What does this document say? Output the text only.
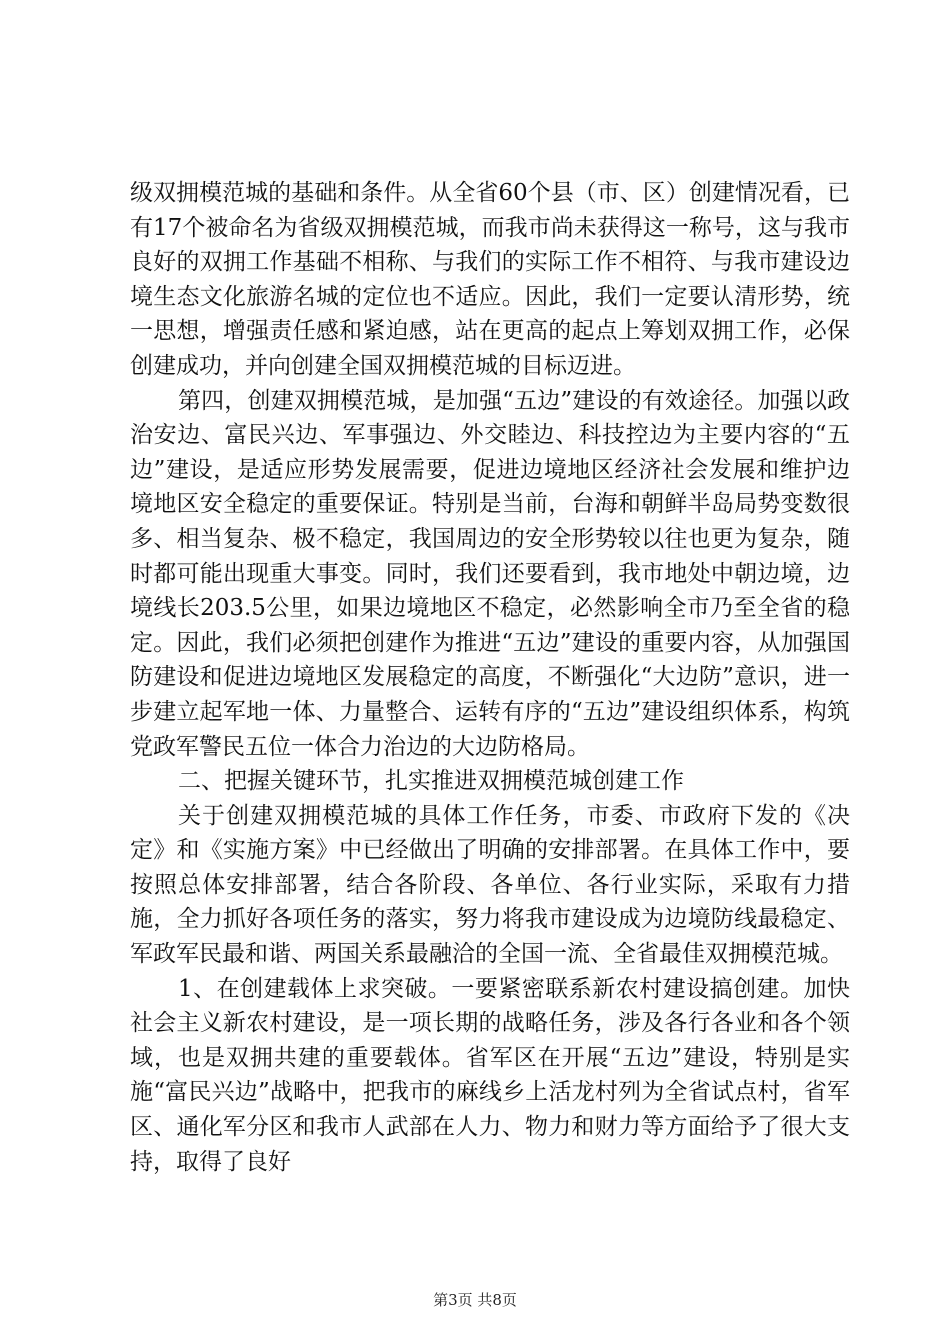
级双拥模范城的基础和条件。从全省60个县（市、区）创建情况看，已有17个被命名为省级双拥模范城，而我市尚未获得这一称号，这与我市良好的双拥工作基础不相称、与我们的实际工作不相符、与我市建设边境生态文化旅游名城的定位也不适应。因此，我们一定要认清形势，统一思想，增强责任感和紧迫感，站在更高的起点上筹划双拥工作，必保创建成功，并向创建全国双拥模范城的目标迈进。

第四，创建双拥模范城，是加强“五边”建设的有效途径。加强以政治安边、富民兴边、军事强边、外交睦边、科技控边为主要内容的“五边”建设，是适应形势发展需要，促进边境地区经济社会发展和维护边境地区安全稳定的重要保证。特别是当前，台海和朝鲜半岛局势变数很多、相当复杂、极不稳定，我国周边的安全形势较以往也更为复杂，随时都可能出现重大事变。同时，我们还要看到，我市地处中朝边境，边境线长203.5公里，如果边境地区不稳定，必然影响全市乃至全省的稳定。因此，我们必须把创建作为推进“五边”建设的重要内容，从加强国防建设和促进边境地区发展稳定的高度，不断强化“大边防”意识，进一步建立起军地一体、力量整合、运转有序的“五边”建设组织体系，构筑党政军警民五位一体合力治边的大边防格局。

二、把握关键环节，扎实推进双拥模范城创建工作

关于创建双拥模范城的具体工作任务，市委、市政府下发的《决定》和《实施方案》中已经做出了明确的安排部署。在具体工作中，要按照总体安排部署，结合各阶段、各单位、各行业实际，采取有力措施，全力抓好各项任务的落实，努力将我市建设成为边境防线最稳定、军政军民最和谐、两国关系最融洽的全国一流、全省最佳双拥模范城。

1、在创建载体上求突破。一要紧密联系新农村建设搞创建。加快社会主义新农村建设，是一项长期的战略任务，涉及各行各业和各个领域，也是双拥共建的重要载体。省军区在开展“五边”建设，特别是实施“富民兴边”战略中，把我市的麻线乡上活龙村列为全省试点村，省军区、通化军分区和我市人武部在人力、物力和财力等方面给予了很大支持，取得了良好

第3页 共8页
